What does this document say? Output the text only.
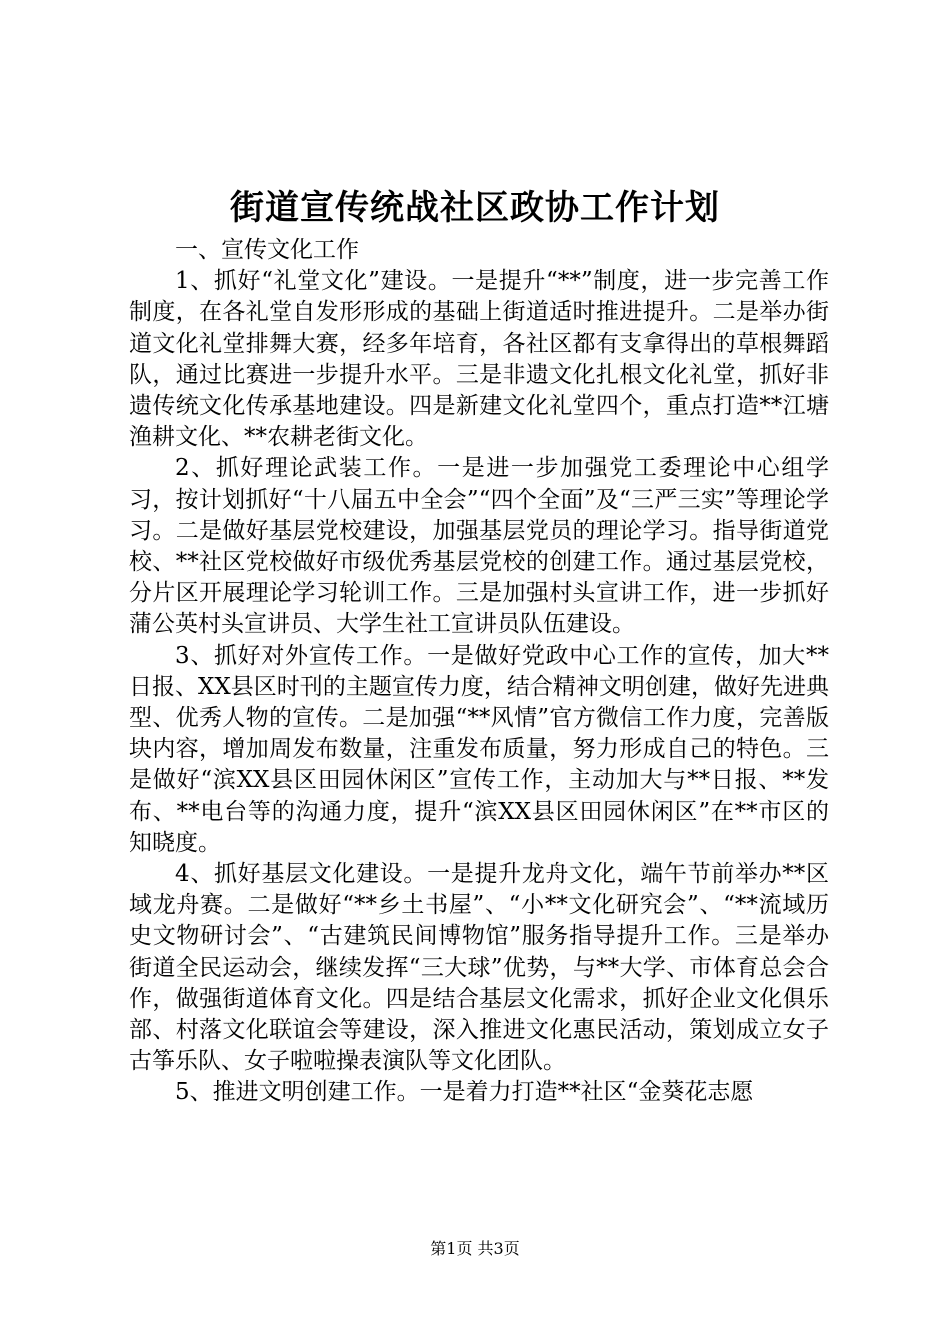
街道宣传统战社区政协工作计划

一、宣传文化工作

1、抓好“礼堂文化”建设。一是提升“**”制度，进一步完善工作制度，在各礼堂自发形形成的基础上街道适时推进提升。二是举办街道文化礼堂排舞大赛，经多年培育，各社区都有支拿得出的草根舞蹈队，通过比赛进一步提升水平。三是非遗文化扎根文化礼堂，抓好非遗传统文化传承基地建设。四是新建文化礼堂四个，重点打造**江塘渔耕文化、**农耕老街文化。

2、抓好理论武装工作。一是进一步加强党工委理论中心组学习，按计划抓好“十八届五中全会”“四个全面”及“三严三实”等理论学习。二是做好基层党校建设，加强基层党员的理论学习。指导街道党校、**社区党校做好市级优秀基层党校的创建工作。通过基层党校，分片区开展理论学习轮训工作。三是加强村头宣讲工作，进一步抓好蒲公英村头宣讲员、大学生社工宣讲员队伍建设。

3、抓好对外宣传工作。一是做好党政中心工作的宣传，加大**日报、XX县区时刊的主题宣传力度，结合精神文明创建，做好先进典型、优秀人物的宣传。二是加强“**风情”官方微信工作力度，完善版块内容，增加周发布数量，注重发布质量，努力形成自己的特色。三是做好“滨XX县区田园休闲区”宣传工作，主动加大与**日报、**发布、**电台等的沟通力度，提升“滨XX县区田园休闲区”在**市区的知晓度。

4、抓好基层文化建设。一是提升龙舟文化，端午节前举办**区域龙舟赛。二是做好“**乡土书屋”、“小**文化研究会”、“**流域历史文物研讨会”、“古建筑民间博物馆”服务指导提升工作。三是举办街道全民运动会，继续发挥“三大球”优势，与**大学、市体育总会合作，做强街道体育文化。四是结合基层文化需求，抓好企业文化俱乐部、村落文化联谊会等建设，深入推进文化惠民活动，策划成立女子古筝乐队、女子啦啦操表演队等文化团队。

5、推进文明创建工作。一是着力打造**社区“金葵花志愿

第1页 共3页
